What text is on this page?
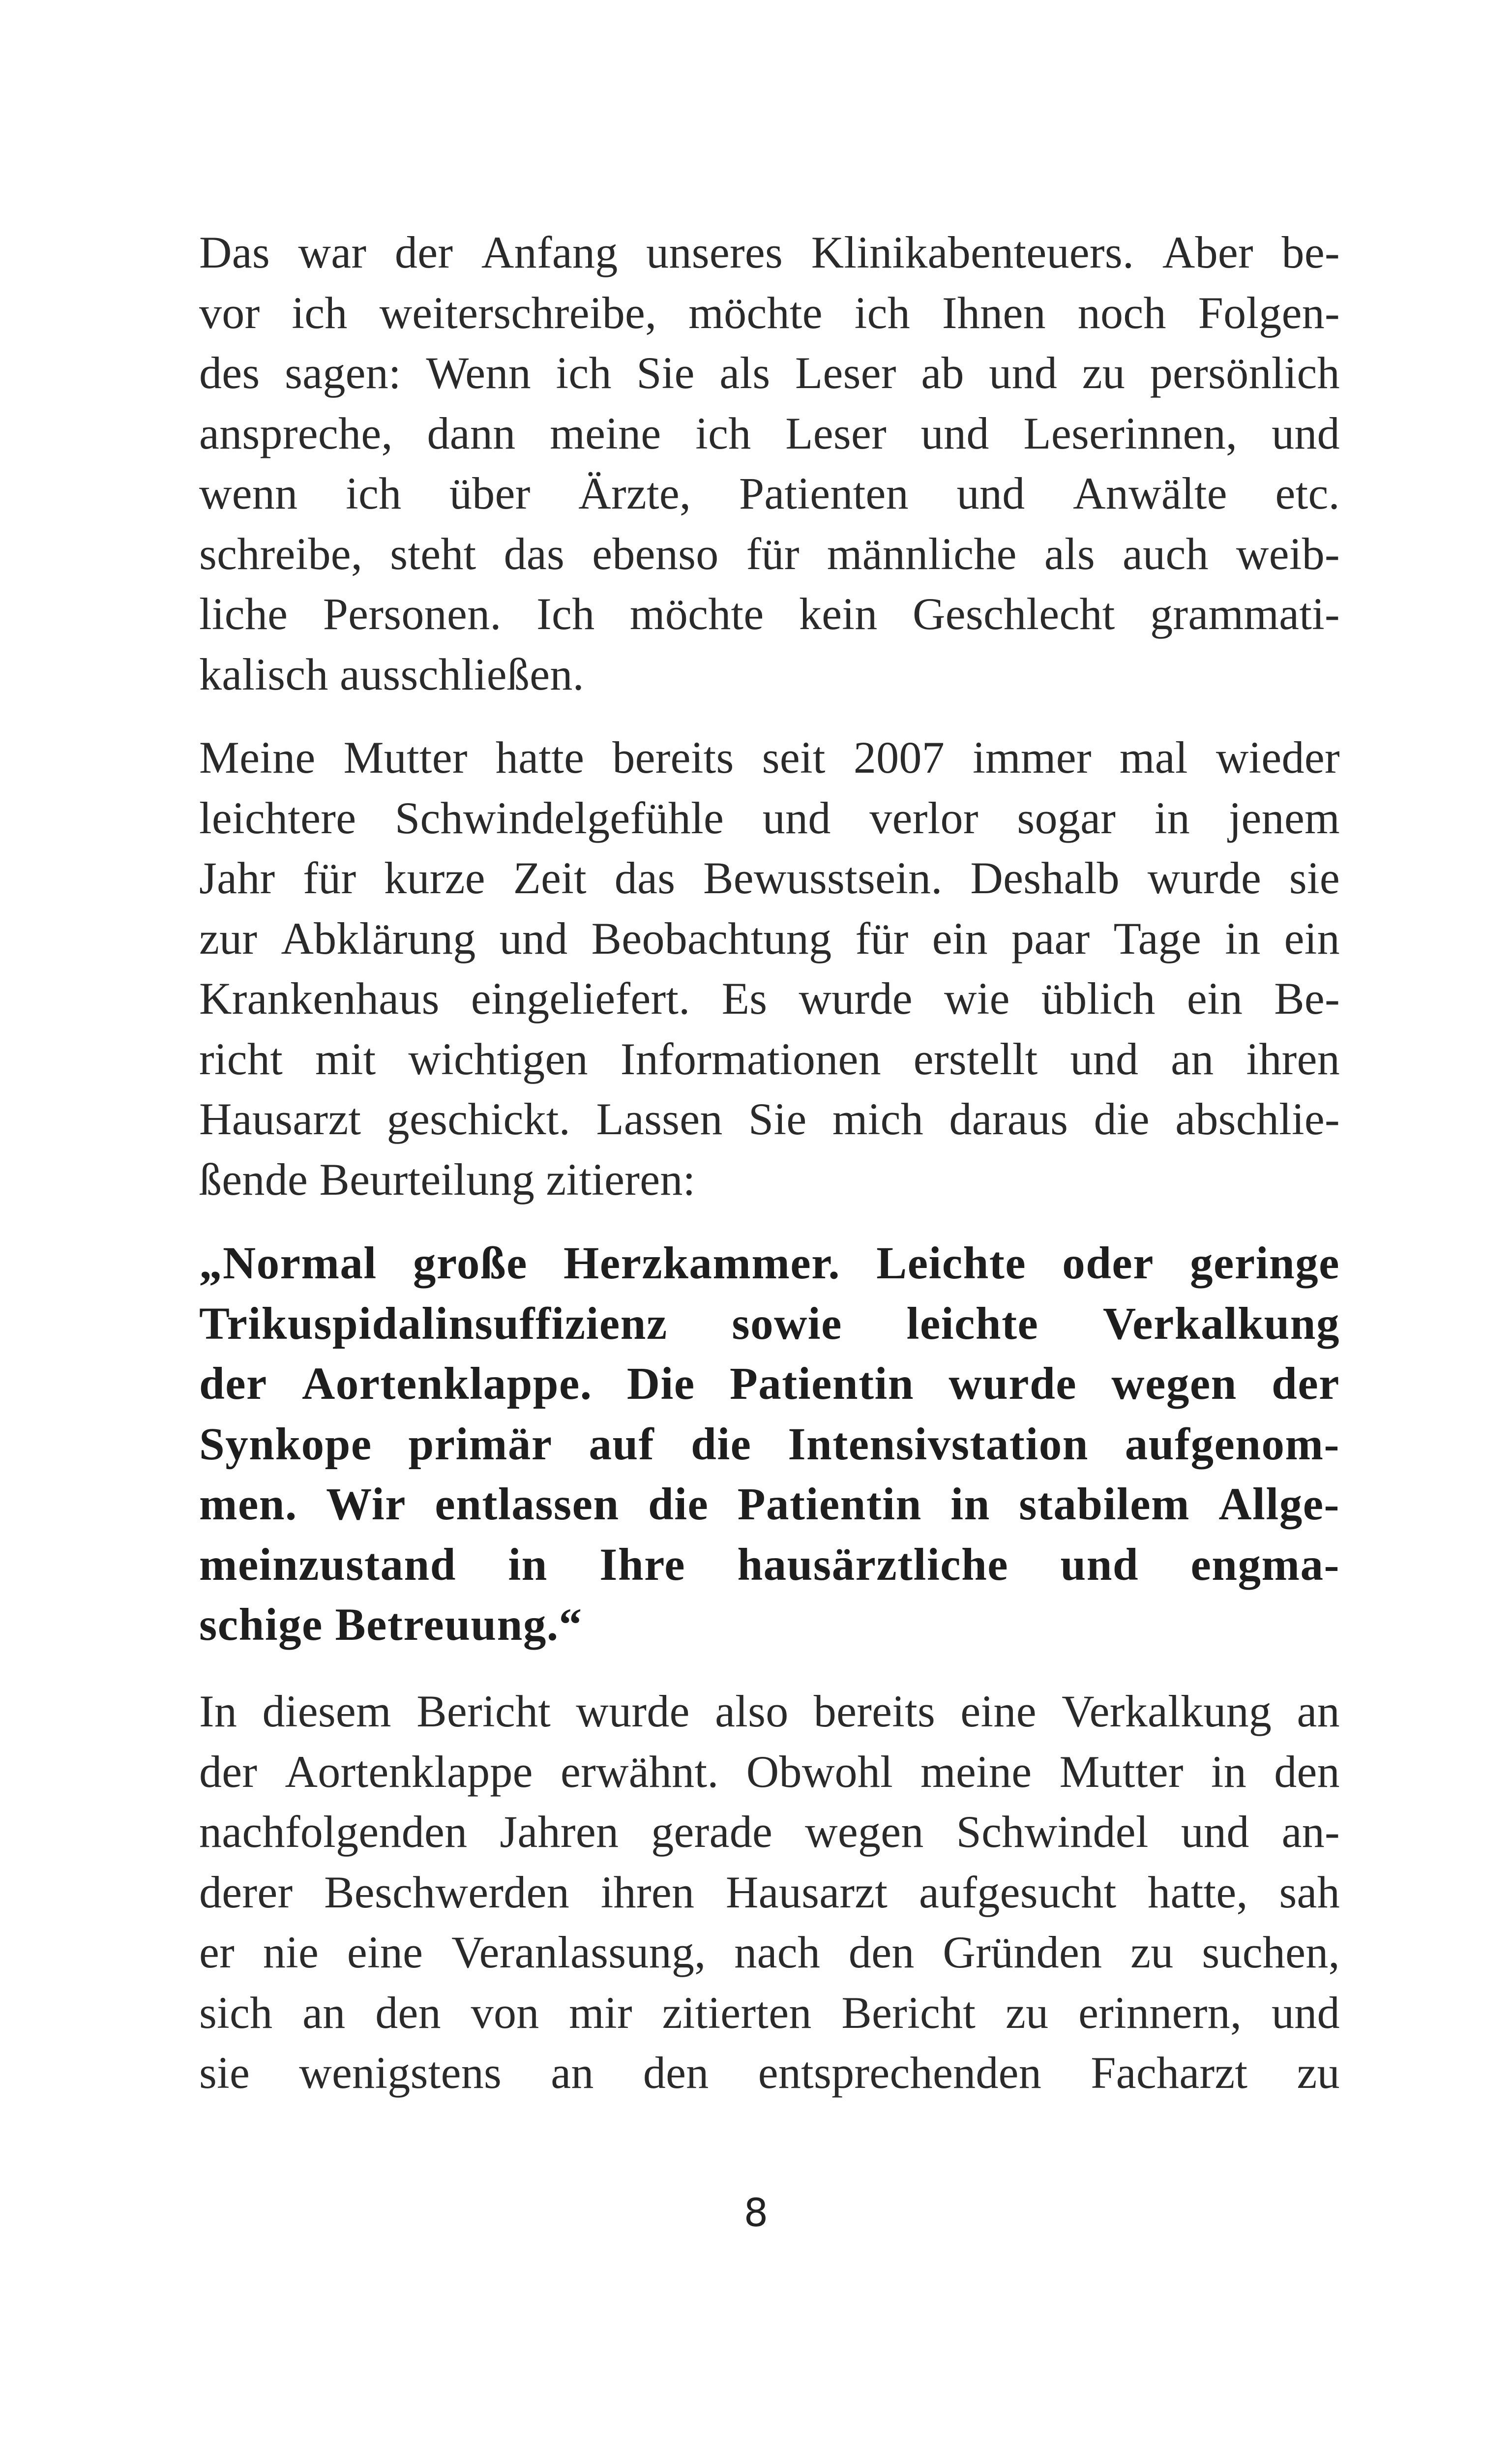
Das war der Anfang unseres Klinikabenteuers. Aber be-
vor ich weiterschreibe, möchte ich Ihnen noch Folgen-
des sagen: Wenn ich Sie als Leser ab und zu persönlich
anspreche, dann meine ich Leser und Leserinnen, und
wenn ich über Ärzte, Patienten und Anwälte etc.
schreibe, steht das ebenso für männliche als auch weib-
liche Personen. Ich möchte kein Geschlecht grammati-
kalisch ausschließen.
Meine Mutter hatte bereits seit 2007 immer mal wieder
leichtere Schwindelgefühle und verlor sogar in jenem
Jahr für kurze Zeit das Bewusstsein. Deshalb wurde sie
zur Abklärung und Beobachtung für ein paar Tage in ein
Krankenhaus eingeliefert. Es wurde wie üblich ein Be-
richt mit wichtigen Informationen erstellt und an ihren
Hausarzt geschickt. Lassen Sie mich daraus die abschlie-
ßende Beurteilung zitieren:
„Normal große Herzkammer. Leichte oder geringe
Trikuspidalinsuffizienz sowie leichte Verkalkung
der Aortenklappe. Die Patientin wurde wegen der
Synkope primär auf die Intensivstation aufgenom-
men. Wir entlassen die Patientin in stabilem Allge-
meinzustand in Ihre hausärztliche und engma-
schige Betreuung.“
In diesem Bericht wurde also bereits eine Verkalkung an
der Aortenklappe erwähnt. Obwohl meine Mutter in den
nachfolgenden Jahren gerade wegen Schwindel und an-
derer Beschwerden ihren Hausarzt aufgesucht hatte, sah
er nie eine Veranlassung, nach den Gründen zu suchen,
sich an den von mir zitierten Bericht zu erinnern, und
sie wenigstens an den entsprechenden Facharzt zu
8
